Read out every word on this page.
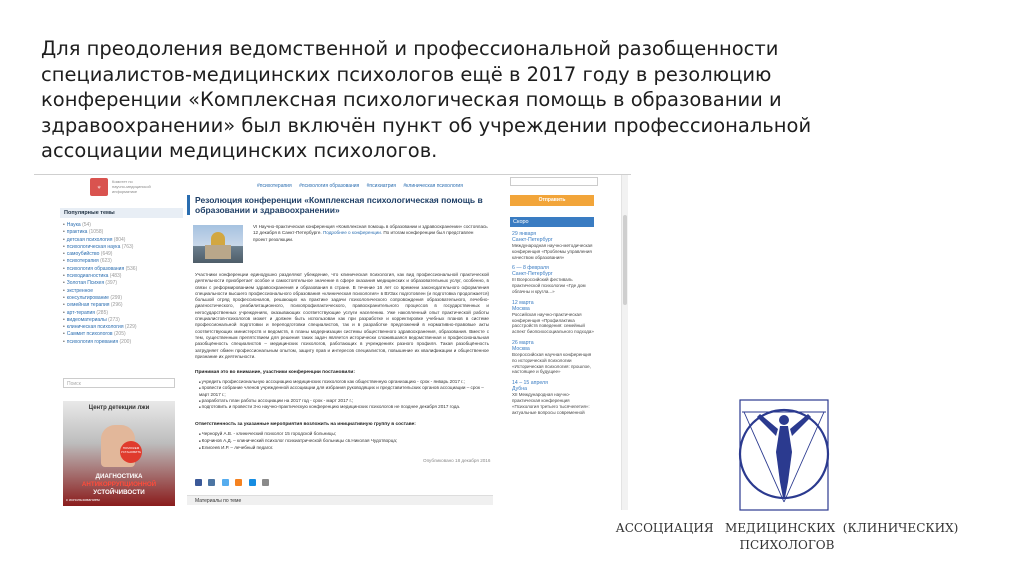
Для преодоления ведомственной и профессиональной разобщенности
специалистов-медицинских психологов ещё в 2017 году в резолюцию
конференции «Комплексная психологическая помощь в образовании и
здравоохранении» был включён пункт об учреждении профессиональной
ассоциации медицинских психологов.
ψ
Комитет по
научно-медицинской
информатике
Популярные темы
• Наука (54)
• практика (1058)
• детская психология (804)
• психологическая наука (763)
• самоубийство (649)
• психотерапия (623)
• психология образования (536)
• психодиагностика (483)
• Золотая Психея (397)
• экстренное
• консультирование (299)
• семейная терапия (296)
• арт-терапия (285)
• видеоматериалы (273)
• клиническая психология (229)
• Саммит психологов (205)
• психология горевания (200)
Поиск
Центр детекции лжи
ПОМОЖЕМ УСТАНОВИТЬ
ДИАГНОСТИКА
АНТИКОРРУПЦИОННОЙ
УСТОЙЧИВОСТИ
с использованием
#психотерапия #психология образования #психиатрия #клиническая психология
Резолюция конференции «Комплексная психологическая помощь в образовании и здравоохранении»
VI Научно-практическая конференция «Комплексная помощь в образовании и здравоохранении» состоялась 12 декабря в Санкт-Петербурге. Подробнее о конференции. По итогам конференции был представлен проект резолюции.
Участники конференции единодушно разделяют убеждение, что клиническая психология, как вид профессиональной практической деятельности приобретает особое и самостоятельное значение в сфере оказания медицинских и образовательных услуг, особенно, в связи с реформированием здравоохранения и образования в стране. В течение 16 лет со времени законодательного оформления специальности высшего профессионального образования «клиническая психология» в ВУЗах подготовлен (и подготовка продолжается) большой отряд профессионалов, решающих на практике задачи психологического сопровождения образовательного, лечебно-диагностического, реабилитационного, психопрофилактического, правоохранительного процессов в государственных и негосударственных учреждениях, оказывающих соответствующие услуги населению. Уже накопленный опыт практической работы специалистов-психологов может и должен быть использован как при разработке и корректировке учебных планов в системе профессиональной подготовки и переподготовки специалистов, так и в разработке предложений в нормативно-правовые акты соответствующих министерств и ведомств, в планы модернизации системы общественного здравоохранения, образования. Вместе с тем, существенным препятствием для решения таких задач является исторически сложившаяся ведомственная и профессиональная разобщённость специалистов – медицинских психологов, работающих в учреждениях разного профиля. Такая разобщённость затрудняет обмен профессиональным опытом, защиту прав и интересов специалистов, повышение их квалификации и общественное признание их деятельности.
Принимая это во внимание, участники конференции постановили:
■ учредить профессиональную ассоциацию медицинских психологов как общественную организацию - срок - январь 2017 г.;
■ провести собрание членов учрежденной ассоциации для избрания руководящих и представительских органов ассоциации – срок – март 2017 г.;
■ разработать план работы ассоциации на 2017 год - срок - март 2017 г.;
■ подготовить и провести 3-ю научно-практическую конференцию медицинских психологов не позднее декабря 2017 года.
Ответственность за указанные мероприятия возложить на инициативную группу в составе:
■ Черноруй А.В. - клинический психолог 15 городской больницы;
■ Корчинов А.Д. – клинический психолог психиатрической больницы св.Николая Чудотворца;
■ Елисеев И.Р. – лечебный педагог.
Опубликовано 18 декабря 2016

Материалы по теме
Отправить
Скоро
29 января
Санкт-Петербург
Международная научно-методическая конференция «Проблемы управления качеством образования»
6 — 8 февраля
Санкт-Петербург
III Всероссийский фестиваль практической психологии «Где дом облачны и кругла...»
12 марта
Москва
Российская научно-практическая конференция «Профилактика расстройств поведения: семейный аспект биопсихосоциального подхода»
26 марта
Москва
Всероссийская научная конференция по исторической психологии «Историческая психология: прошлое, настоящее и будущее»
14 – 15 апреля
Дубна
XII Международная научно-практическая конференция «Психология третьего тысячелетия»: актуальные вопросы современной
АССОЦИАЦИЯ   МЕДИЦИНСКИХ  (КЛИНИЧЕСКИХ)
ПСИХОЛОГОВ
